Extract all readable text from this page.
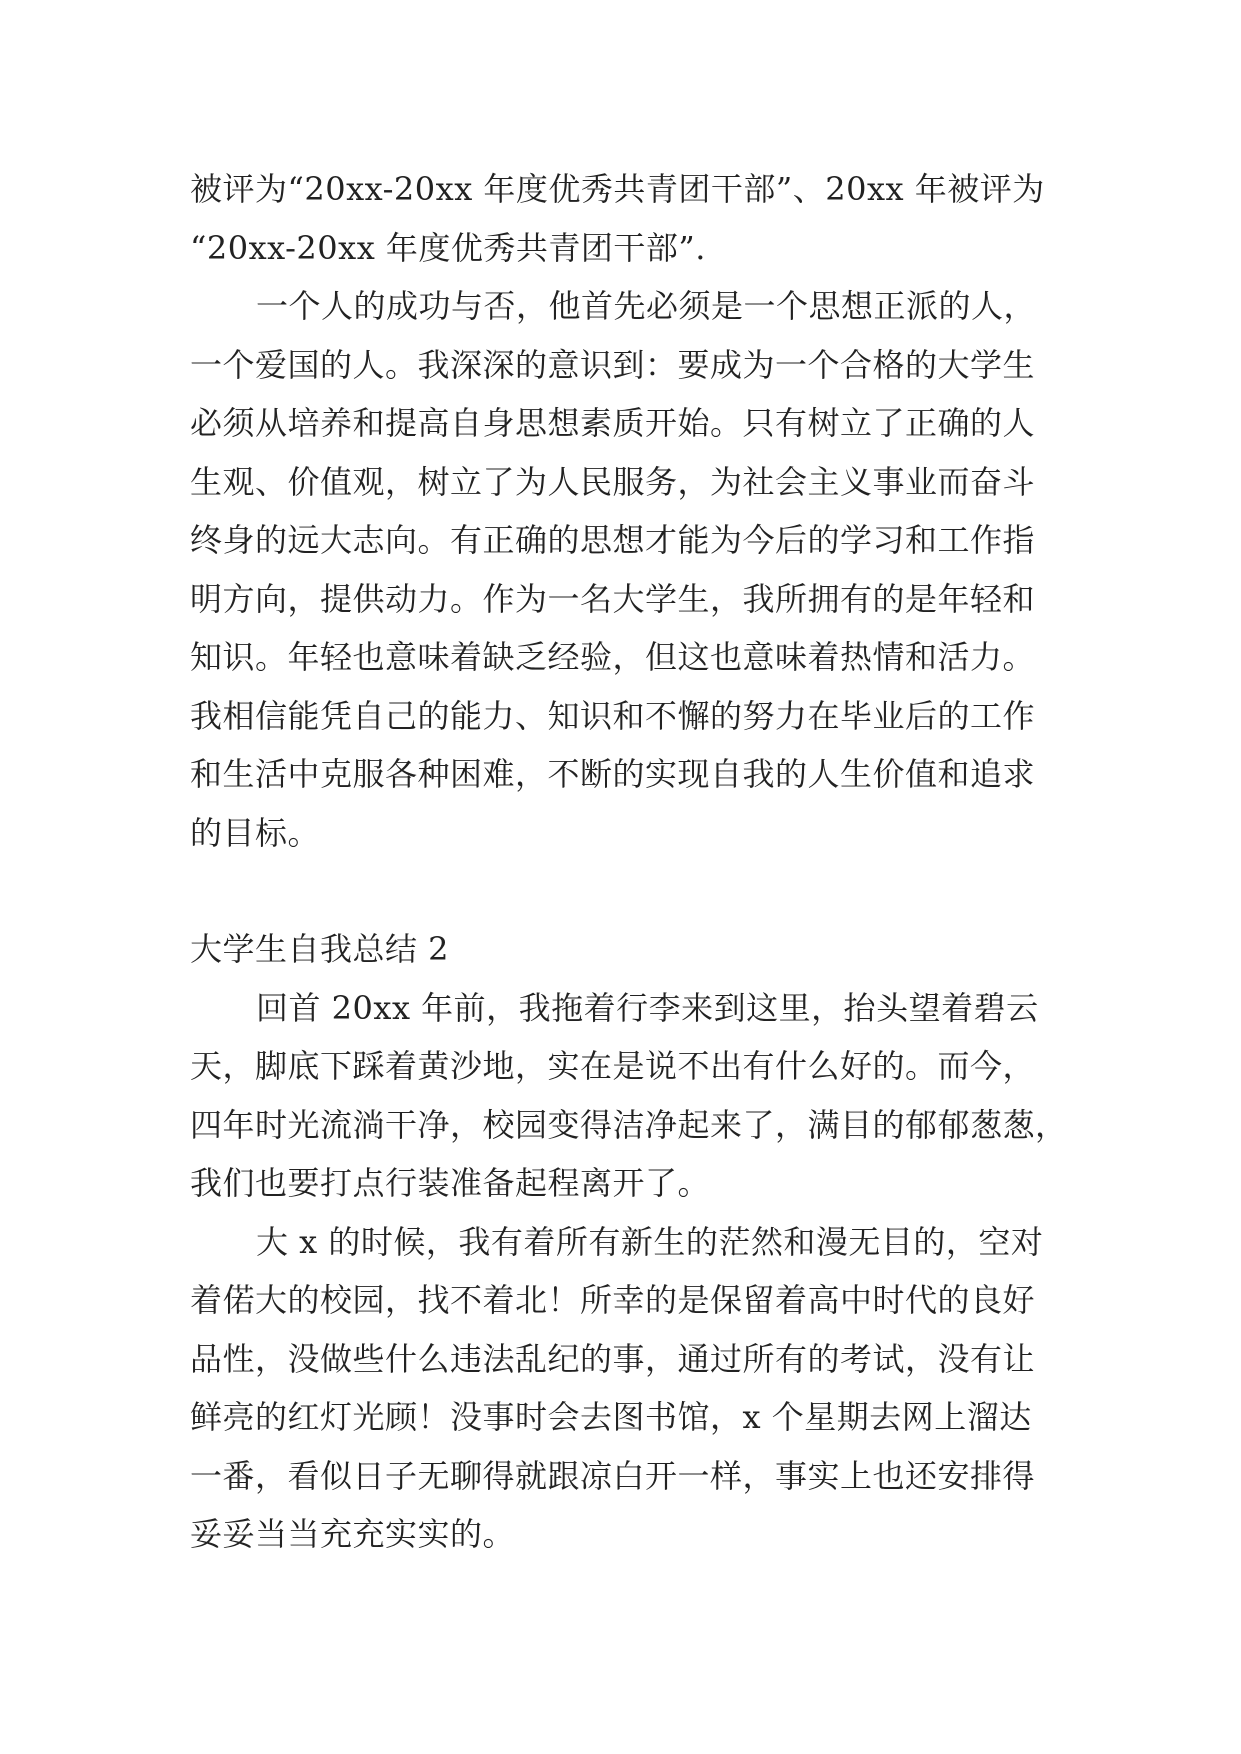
被评为“20xx-20xx 年度优秀共青团干部”、20xx 年被评为
“20xx-20xx 年度优秀共青团干部”.
一个人的成功与否，他首先必须是一个思想正派的人，
一个爱国的人。我深深的意识到：要成为一个合格的大学生
必须从培养和提高自身思想素质开始。只有树立了正确的人
生观、价值观，树立了为人民服务，为社会主义事业而奋斗
终身的远大志向。有正确的思想才能为今后的学习和工作指
明方向，提供动力。作为一名大学生，我所拥有的是年轻和
知识。年轻也意味着缺乏经验，但这也意味着热情和活力。
我相信能凭自己的能力、知识和不懈的努力在毕业后的工作
和生活中克服各种困难，不断的实现自我的人生价值和追求
的目标。
大学生自我总结 2
回首 20xx 年前，我拖着行李来到这里，抬头望着碧云
天，脚底下踩着黄沙地，实在是说不出有什么好的。而今，
四年时光流淌干净，校园变得洁净起来了，满目的郁郁葱葱，
我们也要打点行装准备起程离开了。
大 x 的时候，我有着所有新生的茫然和漫无目的，空对
着偌大的校园，找不着北！所幸的是保留着高中时代的良好
品性，没做些什么违法乱纪的事，通过所有的考试，没有让
鲜亮的红灯光顾！没事时会去图书馆，x 个星期去网上溜达
一番，看似日子无聊得就跟凉白开一样，事实上也还安排得
妥妥当当充充实实的。
